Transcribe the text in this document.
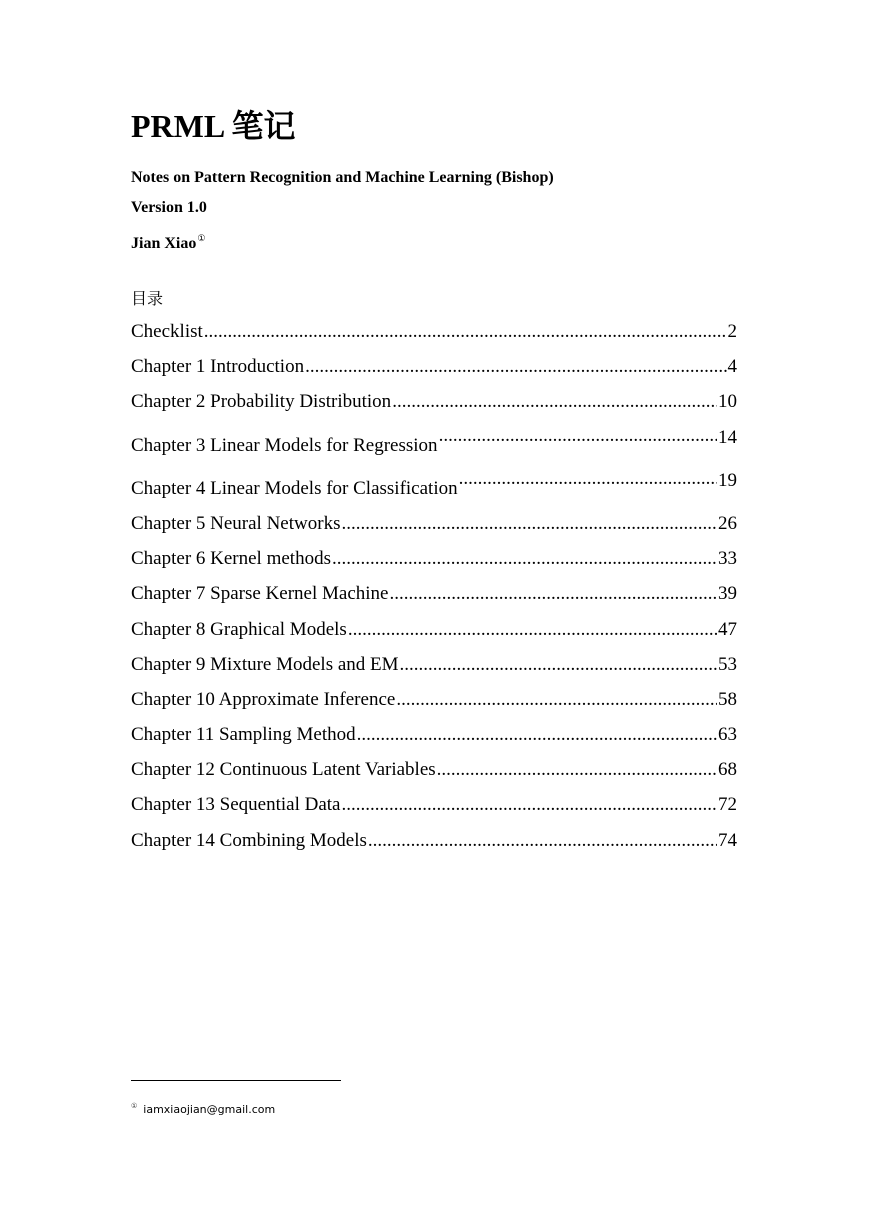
PRML 笔记
Notes on Pattern Recognition and Machine Learning (Bishop)
Version 1.0
Jian Xiao①
目录
Checklist .....	2
Chapter 1 Introduction .....	4
Chapter 2 Probability Distribution .....	10
Chapter 3 Linear Models for Regression .....	14
Chapter 4 Linear Models for Classification .....	19
Chapter 5 Neural Networks .....	26
Chapter 6 Kernel methods .....	33
Chapter 7 Sparse Kernel Machine .....	39
Chapter 8 Graphical Models .....	47
Chapter 9 Mixture Models and EM .....	53
Chapter 10 Approximate Inference .....	58
Chapter 11 Sampling Method .....	63
Chapter 12 Continuous Latent Variables .....	68
Chapter 13 Sequential Data .....	72
Chapter 14 Combining Models .....	74
① iamxiaojian@gmail.com
